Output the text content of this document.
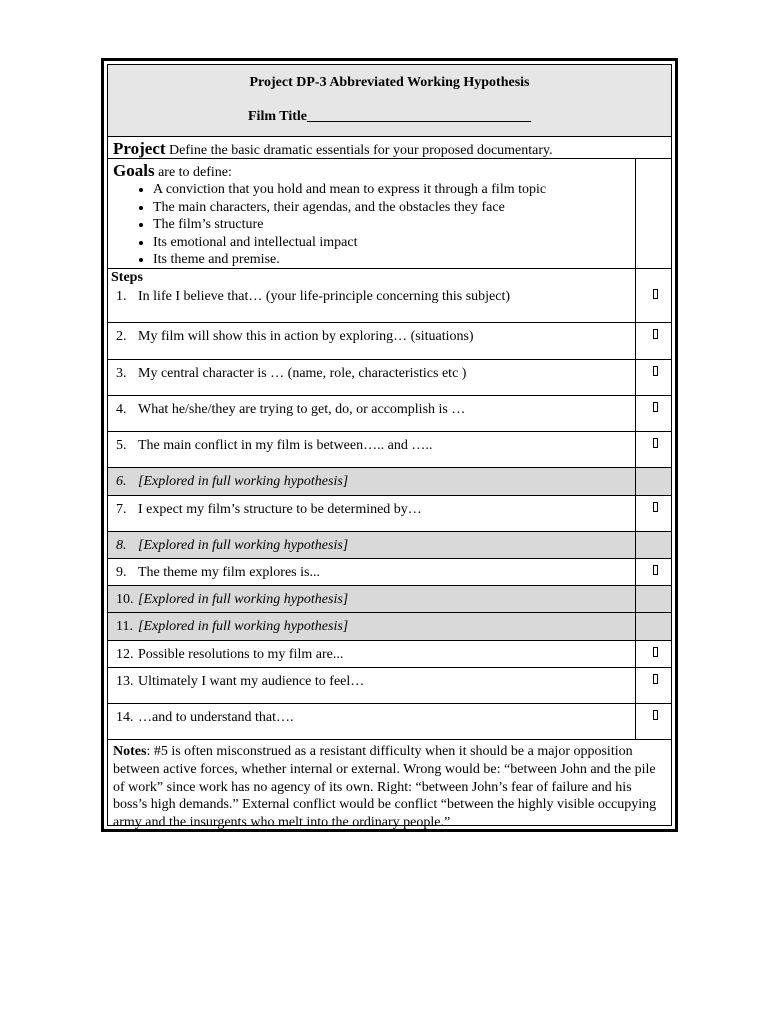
Project DP-3 Abbreviated Working Hypothesis
Film Title________________________________
Project Define the basic dramatic essentials for your proposed documentary.
Goals are to define:
• A conviction that you hold and mean to express it through a film topic
• The main characters, their agendas, and the obstacles they face
• The film’s structure
• Its emotional and intellectual impact
• Its theme and premise.
Steps
1. In life I believe that… (your life-principle concerning this subject)
2. My film will show this in action by exploring… (situations)
3. My central character is … (name, role, characteristics etc )
4. What he/she/they are trying to get, do, or accomplish is …
5. The main conflict in my film is between….. and …..
6. [Explored in full working hypothesis]
7. I expect my film’s structure to be determined by…
8. [Explored in full working hypothesis]
9. The theme my film explores is...
10. [Explored in full working hypothesis]
11. [Explored in full working hypothesis]
12. Possible resolutions to my film are...
13. Ultimately I want my audience to feel…
14. …and to understand that….
Notes: #5 is often misconstrued as a resistant difficulty when it should be a major opposition between active forces, whether internal or external. Wrong would be: “between John and the pile of work” since work has no agency of its own. Right: “between John’s fear of failure and his boss’s high demands.” External conflict would be conflict “between the highly visible occupying army and the insurgents who melt into the ordinary people.”
